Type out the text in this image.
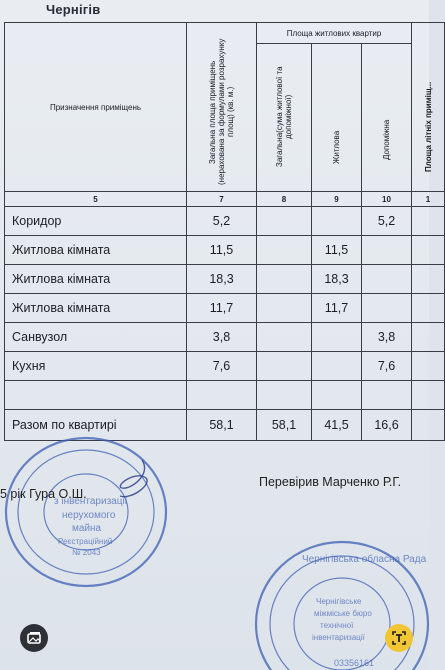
Чернігів
Призначення приміщень	Загальна площа приміщень (нерахована за формулами розрахунку площ) (кв. м.)	Площа житлових квартир			Площа літніх приміщ...

		Загальна(сума житлової та допоміжної)	Житлова	Допоміжна	

5	7	8	9	10	1
Коридор	5,2			5,2	
Житлова кімната	11,5		11,5		
Житлова кімната	18,3		18,3		
Житлова кімната	11,7		11,7		
Санвузол	3,8			3,8	
Кухня	7,6			7,6	

Разом по квартирі	58,1	58,1	41,5	16,6	
з інвентаризації
нерухомого
майна
Реєстраційний
№ 2043
Чернігівська обласна Рада
Чернігівське
міжміське бюро
технічної
інвентаризації
03356161
5 рік Гура О.Ш.
Перевірив Марченко Р.Г.
